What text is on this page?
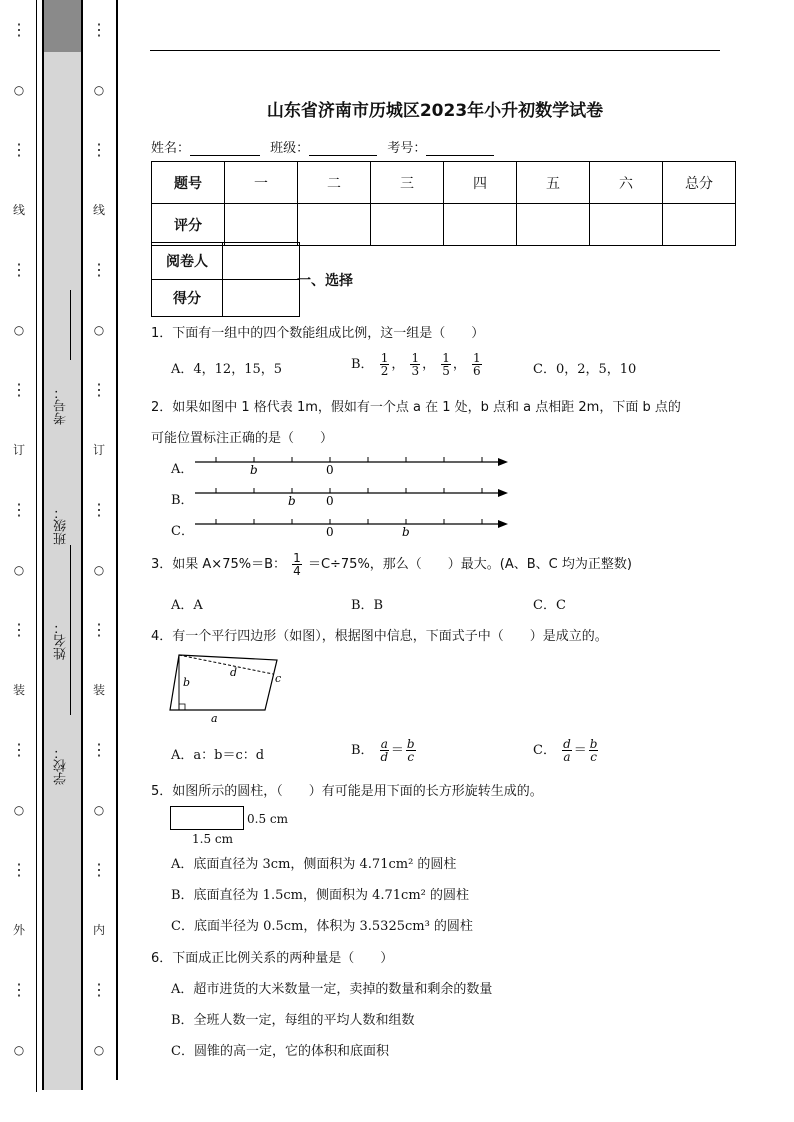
⋮
○
⋮
线
⋮
○
⋮
订
⋮
○
⋮
装
⋮
○
⋮
外
⋮
○
⋮
○
⋮
线
⋮
○
⋮
订
⋮
○
⋮
装
⋮
○
⋮
内
⋮
○
学校：
姓名：
班级：
考号：
山东省济南市历城区2023年小升初数学试卷
姓名：	班级：	考号：
题号	一	二	三	四	五	六	总分
评分							
阅卷人	
得分	
一、选择
1．下面有一组中的四个数能组成比例，这一组是（　　）
A．4，12，15，5	B． $\frac{1}{2}$ ， $\frac{1}{3}$ ， $\frac{1}{5}$ ， $\frac{1}{6}$	C．0，2，5，10
2．如果如图中 1 格代表 1m，假如有一个点 a 在 1 处，b 点和 a 点相距 2m，下面 b 点的
可能位置标注正确的是（　　）
A．
B．
C．
b	0
b	0
0	b
3．如果 A×75%＝B： $\frac{1}{4} =C\div 75\%$，那么（　　）最大。(A、B、C 均为正整数)
A．A	B．B	C．C
4．有一个平行四边形（如图），根据图中信息，下面式子中（　　）是成立的。
b
d	c
a
A．a：b＝c：d	B． $\frac{a}{d} = \frac{b}{c}$	C． $\frac{d}{a} = \frac{b}{c}$
5．如图所示的圆柱，（　　）有可能是用下面的长方形旋转生成的。
0.5 cm
1.5 cm
A．底面直径为 3cm，侧面积为 4.71cm² 的圆柱
B．底面直径为 1.5cm，侧面积为 4.71cm² 的圆柱
C．底面半径为 0.5cm，体积为 3.5325cm³ 的圆柱
6．下面成正比例关系的两种量是（　　）
A．超市进货的大米数量一定，卖掉的数量和剩余的数量
B．全班人数一定，每组的平均人数和组数
C．圆锥的高一定，它的体积和底面积
